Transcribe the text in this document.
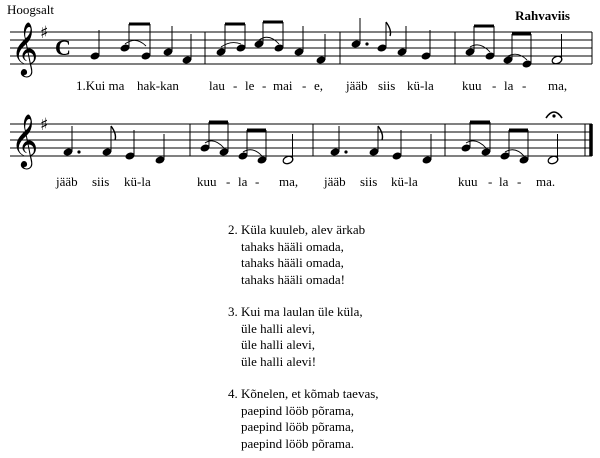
Hoogsalt	Rahvaviis
𝄞
𝄞
♯
♯
C
1.Kui ma hak-kan lau - le - mai - e, jääb siis kü-la kuu - la - ma,
jääb siis kü-la	kuu - la - ma, jääb siis kü-la	kuu - la - ma.
2. Küla kuuleb, alev ärkab
tahaks hääli omada,
tahaks hääli omada,
tahaks hääli omada!
3. Kui ma laulan üle küla,
üle halli alevi,
üle halli alevi,
üle halli alevi!
4. Kõnelen, et kõmab taevas,
paepind lööb põrama,
paepind lööb põrama,
paepind lööb põrama.
